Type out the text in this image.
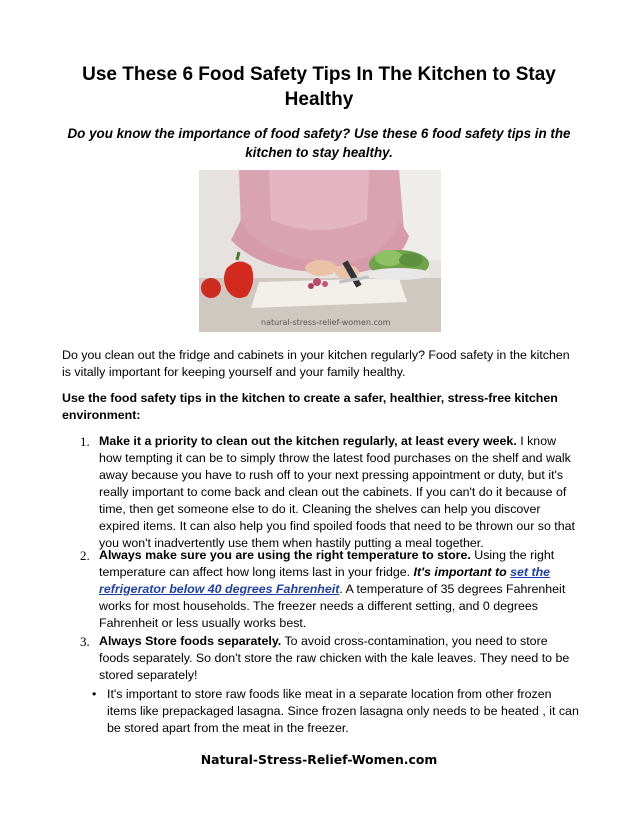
Use These 6 Food Safety Tips In The Kitchen to Stay Healthy

Do you know the importance of food safety? Use these 6 food safety tips in the kitchen to stay healthy.

natural-stress-relief-women.com

Do you clean out the fridge and cabinets in your kitchen regularly? Food safety in the kitchen is vitally important for keeping yourself and your family healthy.

Use the food safety tips in the kitchen to create a safer, healthier, stress-free kitchen environment:

1. Make it a priority to clean out the kitchen regularly, at least every week. I know how tempting it can be to simply throw the latest food purchases on the shelf and walk away because you have to rush off to your next pressing appointment or duty, but it's really important to come back and clean out the cabinets. If you can't do it because of time, then get someone else to do it. Cleaning the shelves can help you discover expired items. It can also help you find spoiled foods that need to be thrown our so that you won't inadvertently use them when hastily putting a meal together.
2. Always make sure you are using the right temperature to store. Using the right temperature can affect how long items last in your fridge. It's important to set the refrigerator below 40 degrees Fahrenheit. A temperature of 35 degrees Fahrenheit works for most households. The freezer needs a different setting, and 0 degrees Fahrenheit or less usually works best.
3. Always Store foods separately. To avoid cross-contamination, you need to store foods separately. So don't store the raw chicken with the kale leaves. They need to be stored separately!
• It's important to store raw foods like meat in a separate location from other frozen items like prepackaged lasagna. Since frozen lasagna only needs to be heated , it can be stored apart from the meat in the freezer.
Natural-Stress-Relief-Women.com
